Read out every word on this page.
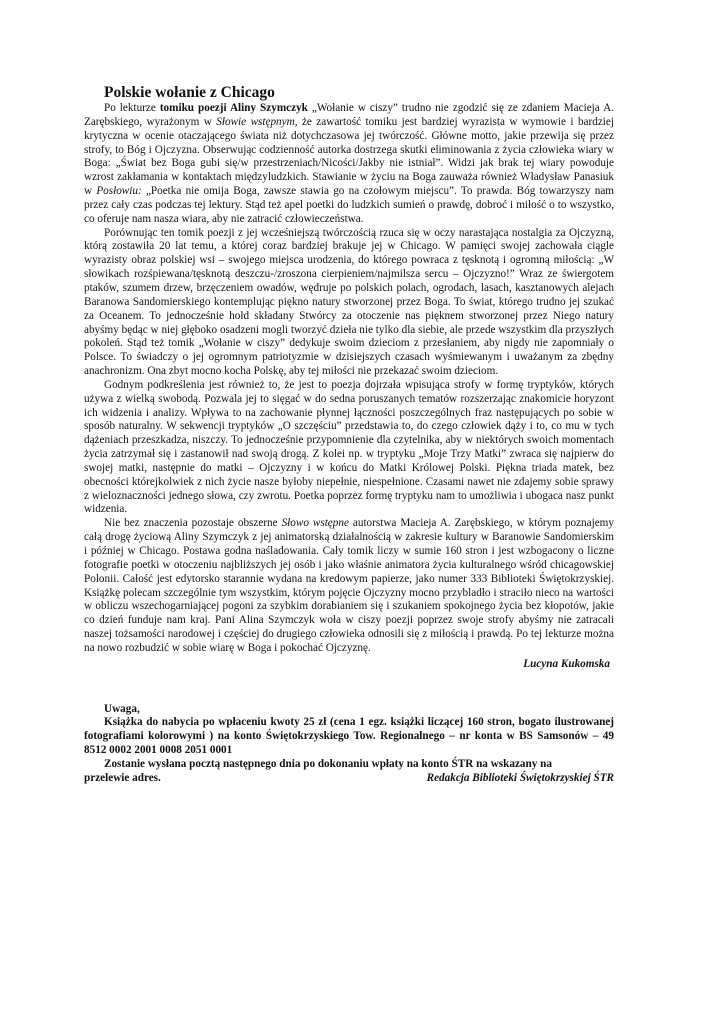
Polskie wołanie z Chicago

Po lekturze tomiku poezji Aliny Szymczyk „Wołanie w ciszy” trudno nie zgodzić się ze zdaniem Macieja A. Zarębskiego, wyrażonym w Słowie wstępnym, że zawartość tomiku jest bardziej wyrazista w wymowie i bardziej krytyczna w ocenie otaczającego świata niż dotychczasowa jej twórczość. Główne motto, jakie przewija się przez strofy, to Bóg i Ojczyzna. Obserwując codzienność autorka dostrzega skutki eliminowania z życia człowieka wiary w Boga: „Świat bez Boga gubi się/w przestrzeniach/Nicości/Jakby nie istniał”. Widzi jak brak tej wiary powoduje wzrost zakłamania w kontaktach międzyludzkich. Stawianie w życiu na Boga zauważa również Władysław Panasiuk w Posłowiu: „Poetka nie omija Boga, zawsze stawia go na czołowym miejscu”. To prawda. Bóg towarzyszy nam przez cały czas podczas tej lektury. Stąd też apel poetki do ludzkich sumień o prawdę, dobroć i miłość o to wszystko, co oferuje nam nasza wiara, aby nie zatracić człowieczeństwa.

Porównując ten tomik poezji z jej wcześniejszą twórczością rzuca się w oczy narastająca nostalgia za Ojczyzną, którą zostawiła 20 lat temu, a której coraz bardziej brakuje jej w Chicago. W pamięci swojej zachowała ciągle wyrazisty obraz polskiej wsi – swojego miejsca urodzenia, do którego powraca z tęsknotą i ogromną miłością: „W słowikach rozśpiewana/tęsknotą deszczu-/zroszona cierpieniem/najmilsza sercu – Ojczyzno!” Wraz ze świergotem ptaków, szumem drzew, brzęczeniem owadów, wędruje po polskich polach, ogrodach, lasach, kasztanowych alejach Baranowa Sandomierskiego kontemplując piękno natury stworzonej przez Boga. To świat, którego trudno jej szukać za Oceanem. To jednocześnie hołd składany Stwórcy za otoczenie nas pięknem stworzonej przez Niego natury abyśmy będąc w niej głęboko osadzeni mogli tworzyć dzieła nie tylko dla siebie, ale przede wszystkim dla przyszłych pokoleń. Stąd też tomik „Wołanie w ciszy” dedykuje swoim dzieciom z przesłaniem, aby nigdy nie zapomniały o Polsce. To świadczy o jej ogromnym patriotyzmie w dzisiejszych czasach wyśmiewanym i uważanym za zbędny anachronizm. Ona zbyt mocno kocha Polskę, aby tej miłości nie przekazać swoim dzieciom.

Godnym podkreślenia jest również to, że jest to poezja dojrzała wpisująca strofy w formę tryptyków, których używa z wielką swobodą. Pozwala jej to sięgać w do sedna poruszanych tematów rozszerzając znakomicie horyzont ich widzenia i analizy. Wpływa to na zachowanie płynnej łączności poszczególnych fraz następujących po sobie w sposób naturalny. W sekwencji tryptyków „O szczęściu” przedstawia to, do czego człowiek dąży i to, co mu w tych dążeniach przeszkadza, niszczy. To jednocześnie przypomnienie dla czytelnika, aby w niektórych swoich momentach życia zatrzymał się i zastanowił nad swoją drogą. Z kolei np. w tryptyku „Moje Trzy Matki” zwraca się najpierw do swojej matki, następnie do matki – Ojczyzny i w końcu do Matki Królowej Polski. Piękna triada matek, bez obecności którejkolwiek z nich życie nasze byłoby niepełnie, niespełnione. Czasami nawet nie zdajemy sobie sprawy z wieloznaczności jednego słowa, czy zwrotu. Poetka poprzez formę tryptyku nam to umożliwia i ubogaca nasz punkt widzenia.

Nie bez znaczenia pozostaje obszerne Słowo wstępne autorstwa Macieja A. Zarębskiego, w którym poznajemy całą drogę życiową Aliny Szymczyk z jej animatorską działalnością w zakresie kultury w Baranowie Sandomierskim i później w Chicago. Postawa godna naśladowania. Cały tomik liczy w sumie 160 stron i jest wzbogacony o liczne fotografie poetki w otoczeniu najbliższych jej osób i jako właśnie animatora życia kulturalnego wśród chicagowskiej Polonii. Całość jest edytorsko starannie wydana na kredowym papierze, jako numer 333 Biblioteki Świętokrzyskiej. Książkę polecam szczególnie tym wszystkim, którym pojęcie Ojczyzny mocno przybladło i straciło nieco na wartości w obliczu wszechogarniającej pogoni za szybkim dorabianiem się i szukaniem spokojnego życia bez kłopotów, jakie co dzień funduje nam kraj. Pani Alina Szymczyk woła w ciszy poezji poprzez swoje strofy abyśmy nie zatracali naszej tożsamości narodowej i częściej do drugiego człowieka odnosili się z miłością i prawdą. Po tej lekturze można na nowo rozbudzić w sobie wiarę w Boga i pokochać Ojczyznę.

Lucyna Kukomska

Uwaga,

Książka do nabycia po wpłaceniu kwoty 25 zł (cena 1 egz. książki liczącej 160 stron, bogato ilustrowanej fotografiami kolorowymi ) na konto Świętokrzyskiego Tow. Regionalnego – nr konta w BS Samsonów – 49 8512 0002 2001 0008 2051 0001

Zostanie wysłana pocztą następnego dnia po dokonaniu wpłaty na konto ŚTR na wskazany na

przelewie adres.	Redakcja Biblioteki Świętokrzyskiej ŚTR
